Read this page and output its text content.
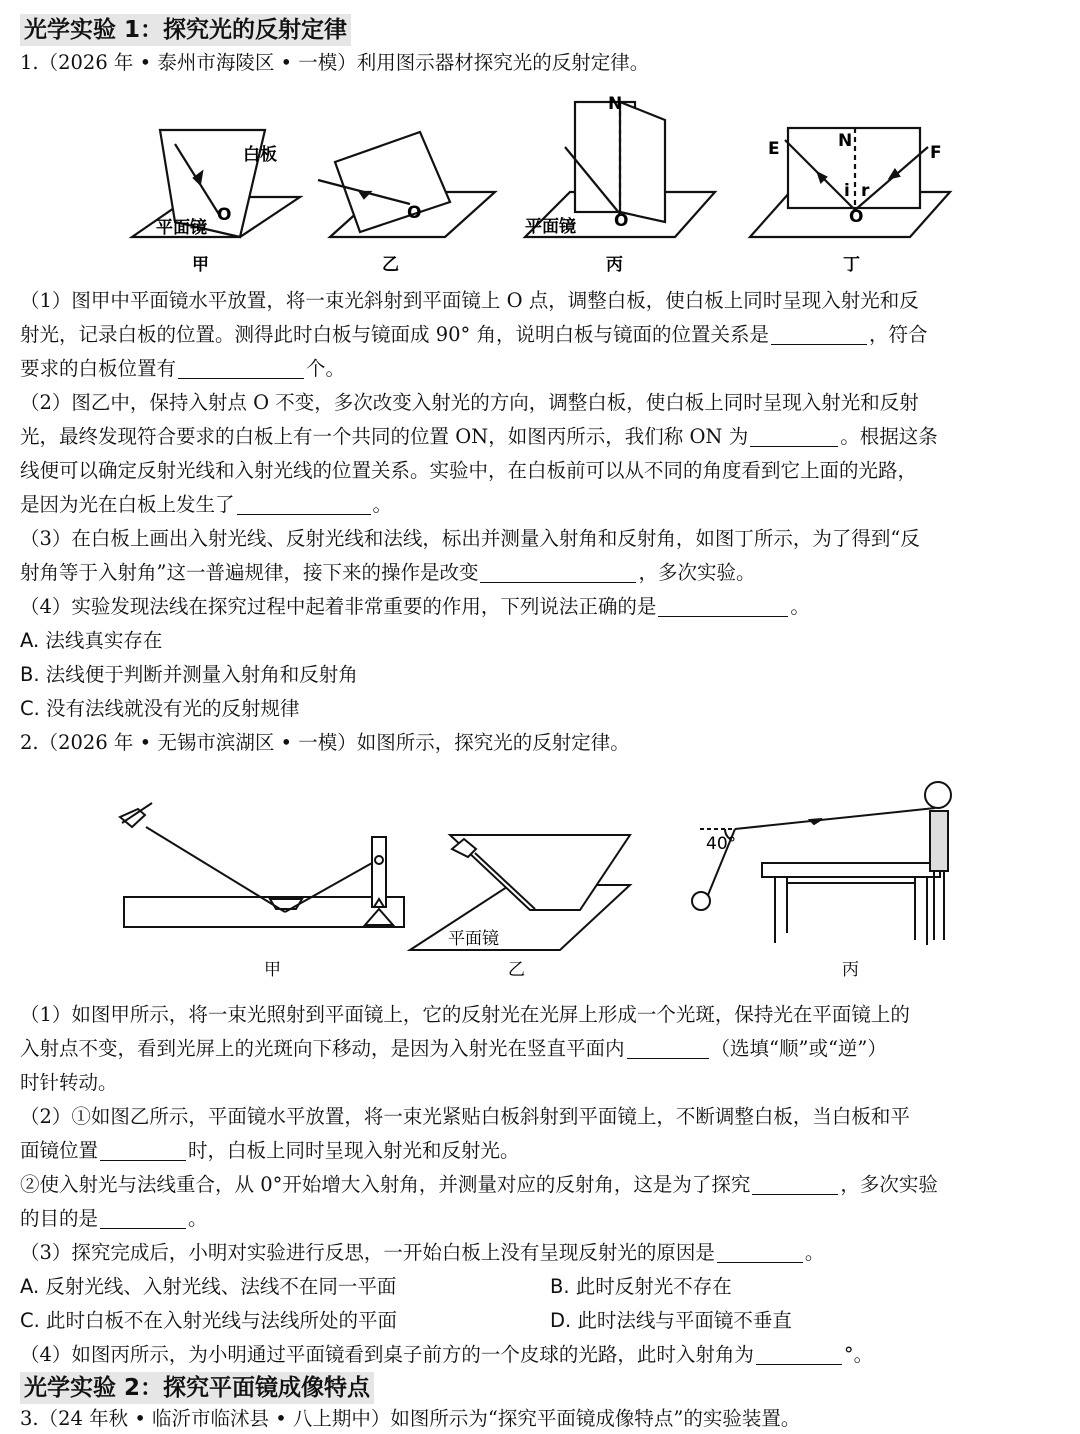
光学实验 1：探究光的反射定律
1.（2026 年 • 泰州市海陵区 • 一模）利用图示器材探究光的反射定律。
白板
平面镜
O	O
N
平面镜 O
N
E	F
i r
O
甲	乙	丙	丁
（1）图甲中平面镜水平放置，将一束光斜射到平面镜上 O 点，调整白板，使白板上同时呈现入射光和反
射光，记录白板的位置。测得此时白板与镜面成 90° 角，说明白板与镜面的位置关系是	，符合
要求的白板位置有	个。
（2）图乙中，保持入射点 O 不变，多次改变入射光的方向，调整白板，使白板上同时呈现入射光和反射
光，最终发现符合要求的白板上有一个共同的位置 ON，如图丙所示，我们称 ON 为	。根据这条
线便可以确定反射光线和入射光线的位置关系。实验中，在白板前可以从不同的角度看到它上面的光路，
是因为光在白板上发生了	。
（3）在白板上画出入射光线、反射光线和法线，标出并测量入射角和反射角，如图丁所示，为了得到“反
射角等于入射角”这一普遍规律，接下来的操作是改变	，多次实验。
（4）实验发现法线在探究过程中起着非常重要的作用，下列说法正确的是	。
A. 法线真实存在
B. 法线便于判断并测量入射角和反射角
C. 没有法线就没有光的反射规律
2.（2026 年 • 无锡市滨湖区 • 一模）如图所示，探究光的反射定律。
平面镜
40°
甲	乙	丙
（1）如图甲所示，将一束光照射到平面镜上，它的反射光在光屏上形成一个光斑，保持光在平面镜上的
入射点不变，看到光屏上的光斑向下移动，是因为入射光在竖直平面内	（选填“顺”或“逆”）
时针转动。
（2）①如图乙所示，平面镜水平放置，将一束光紧贴白板斜射到平面镜上，不断调整白板，当白板和平
面镜位置	时，白板上同时呈现入射光和反射光。
②使入射光与法线重合，从 0°开始增大入射角，并测量对应的反射角，这是为了探究	，多次实验
的目的是	。
（3）探究完成后，小明对实验进行反思，一开始白板上没有呈现反射光的原因是	。
A. 反射光线、入射光线、法线不在同一平面	B. 此时反射光不存在
C. 此时白板不在入射光线与法线所处的平面	D. 此时法线与平面镜不垂直
（4）如图丙所示，为小明通过平面镜看到桌子前方的一个皮球的光路，此时入射角为	°。
光学实验 2：探究平面镜成像特点
3.（24 年秋 • 临沂市临沭县 • 八上期中）如图所示为“探究平面镜成像特点”的实验装置。
